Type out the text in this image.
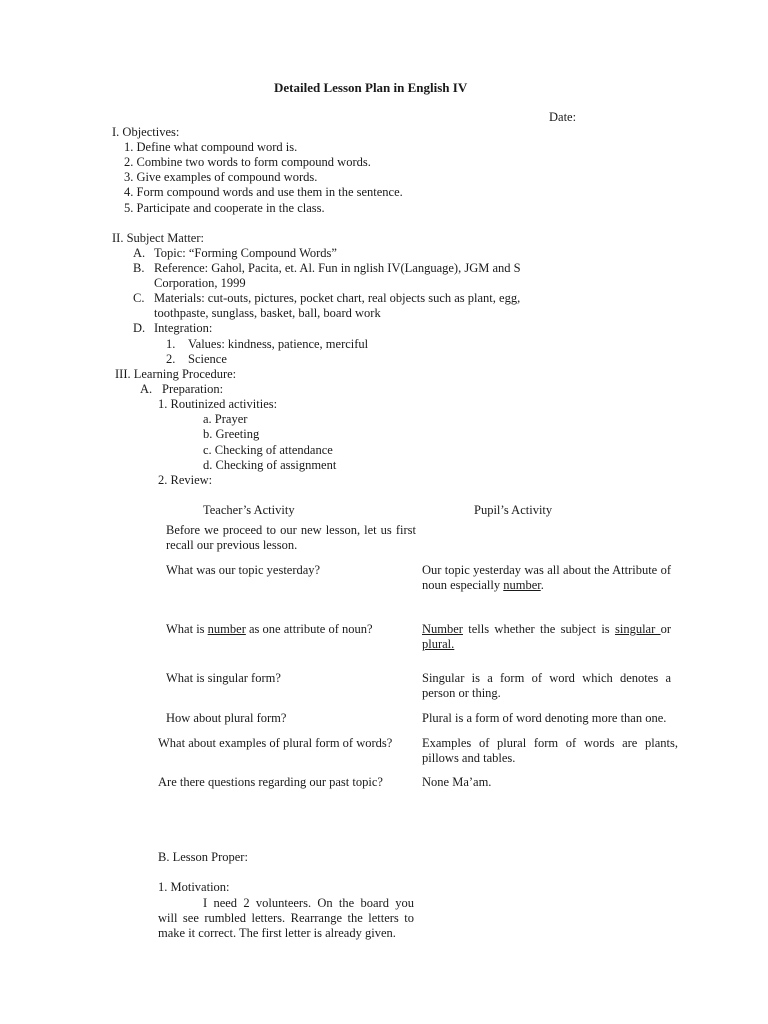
Detailed Lesson Plan in English IV
Date:
I. Objectives:
1. Define what compound word is.
2. Combine two words to form compound words.
3. Give examples of compound words.
4. Form compound words and use them in the sentence.
5. Participate and cooperate in the class.
II. Subject Matter:
A. Topic: “Forming Compound Words”
B. Reference: Gahol, Pacita, et. Al. Fun in nglish IV(Language), JGM and S
Corporation, 1999
C. Materials: cut-outs, pictures, pocket chart, real objects such as plant, egg,
toothpaste, sunglass, basket, ball, board work
D. Integration:
1. Values: kindness, patience, merciful
2. Science
III. Learning Procedure:
A. Preparation:
1. Routinized activities:
a. Prayer
b. Greeting
c. Checking of attendance
d. Checking of assignment
2. Review:
Teacher’s Activity	Pupil’s Activity
Before we proceed to our new lesson, let us first recall our previous lesson.
What was our topic yesterday?	Our topic yesterday was all about the Attribute of noun especially number.
What is number as one attribute of noun?	Number tells whether the subject is singular or plural.
What is singular form?	Singular is a form of word which denotes a person or thing.
How about plural form?	Plural is a form of word denoting more than one.
What about examples of plural form of words?	Examples of plural form of words are plants, pillows and tables.
Are there questions regarding our past topic?	None Ma’am.
B. Lesson Proper:
1. Motivation:
I need 2 volunteers. On the board you will see rumbled letters. Rearrange the letters to make it correct. The first letter is already given.
